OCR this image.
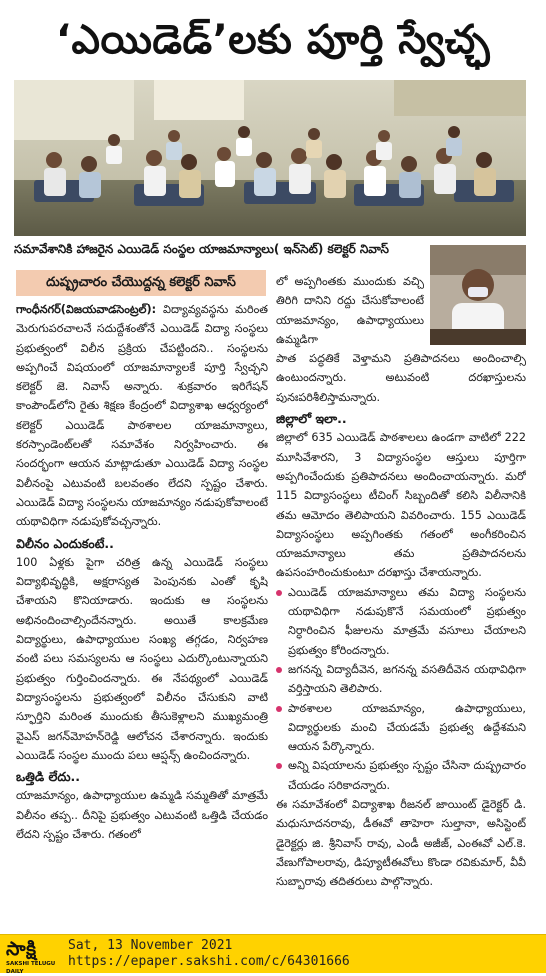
‘ఎయిడెడ్’లకు పూర్తి స్వేచ్ఛ
సమావేశానికి హాజరైన ఎయిడెడ్ సంస్థల యాజమాన్యాలు( ఇన్‌సెట్) కలెక్టర్ నివాస్
దుష్ప్రచారం చేయొద్దన్న కలెక్టర్ నివాస్

గాంధీనగర్(విజయవాడసెంట్రల్): విద్యావ్యవస్థను మరింత మెరుగుపరచాలనే సదుద్దేశంతోనే ఎయిడెడ్ విద్యా సంస్థలు ప్రభుత్వంలో విలీన ప్రక్రియ చేపట్టిందని.. సంస్థలను అప్పగించే విషయంలో యాజమాన్యాలకే పూర్తి స్వేచ్ఛని కలెక్టర్ జె. నివాస్ అన్నారు. శుక్రవారం ఇరిగేషన్ కాంపౌండ్‌లోని రైతు శిక్షణ కేంద్రంలో విద్యాశాఖ ఆధ్వర్యంలో కలెక్టర్ ఎయిడెడ్ పాఠశాలల యాజమాన్యాలు, కరస్పాండెంట్‌లతో సమావేశం నిర్వహించారు. ఈ సందర్భంగా ఆయన మాట్లాడుతూ ఎయిడెడ్ విద్యా సంస్థల విలీనంపై ఎటువంటి బలవంతం లేదని స్పష్టం చేశారు. ఎయిడెడ్ విద్యా సంస్థలను యాజమాన్యం నడుపుకోవాలంటే యథావిధిగా నడుపుకోవచ్చన్నారు.

విలీనం ఎందుకంటే..

100 ఏళ్లకు పైగా చరిత్ర ఉన్న ఎయిడెడ్ సంస్థలు విద్యాభివృద్ధికి, అక్షరాస్యత పెంపునకు ఎంతో కృషి చేశాయని కొనియాడారు. ఇందుకు ఆ సంస్థలను అభినందించాల్సిందేనన్నారు. అయితే కాలక్రమేణ విద్యార్థులు, ఉపాధ్యాయుల సంఖ్య తగ్గడం, నిర్వహణ వంటి పలు సమస్యలను ఆ సంస్థలు ఎదుర్కొంటున్నాయని ప్రభుత్వం గుర్తించిందన్నారు. ఈ నేపథ్యంలో ఎయిడెడ్ విద్యాసంస్థలను ప్రభుత్వంలో విలీనం చేసుకుని వాటి స్ఫూర్తిని మరింత ముందుకు తీసుకెళ్లాలని ముఖ్యమంత్రి వైఎస్ జగన్‌మోహన్‌రెడ్డి ఆలోచన చేశారన్నారు. ఇందుకు ఎయిడెడ్ సంస్థల ముందు పలు ఆప్షన్స్ ఉంచిందన్నారు.

ఒత్తిడి లేదు..

యాజమాన్యం, ఉపాధ్యాయుల ఉమ్మడి సమ్మతితో మాత్రమే విలీనం తప్ప.. దీనిపై ప్రభుత్వం ఎటువంటి ఒత్తిడి చేయడం లేదని స్పష్టం చేశారు. గతంలో

లో అప్పగింతకు ముందుకు వచ్చి తిరిగి దానిని రద్దు చేసుకోవాలంటే యాజమాన్యం, ఉపాధ్యాయులు ఉమ్మడిగా

పాత పద్ధతికే వెళ్తామని ప్రతిపాదనలు అందించాల్సి ఉంటుందన్నారు. అటువంటి దరఖాస్తులను పునఃపరిశీలిస్తామన్నారు.

జిల్లాలో ఇలా..

జిల్లాలో 635 ఎయిడెడ్ పాఠశాలలు ఉండగా వాటిలో 222 మూసివేశారని, 3 విద్యాసంస్థల ఆస్తులు పూర్తిగా అప్పగించేందుకు ప్రతిపాదనలు అందించాయన్నారు. మరో 115 విద్యాసంస్థలు టీచింగ్ సిబ్బందితో కలిసి విలీనానికి తమ ఆమోదం తెలిపాయని వివరించారు. 155 ఎయిడెడ్ విద్యాసంస్థలు అప్పగింతకు గతంలో అంగీకరించిన యాజమాన్యాలు తమ ప్రతిపాదనలను ఉపసంహరించుకుంటూ దరఖాస్తు చేశాయన్నారు.

ఎయిడెడ్ యాజమాన్యాలు తమ విద్యా సంస్థలను యథావిధిగా నడుపుకొనే సమయంలో ప్రభుత్వం నిర్ధారించిన ఫీజులను మాత్రమే వసూలు చేయాలని ప్రభుత్వం కోరిందన్నారు.
జగనన్న విద్యాదీవెన, జగనన్న వసతిదీవెన యథావిధిగా వర్తిస్తాయని తెలిపారు.
పాఠశాలల యాజమాన్యం, ఉపాధ్యాయులు, విద్యార్థులకు మంచి చేయడమే ప్రభుత్వ ఉద్దేశమని ఆయన పేర్కొన్నారు.
అన్ని విషయాలను ప్రభుత్వం స్పష్టం చేసినా దుష్ప్రచారం చేయడం సరికాదన్నారు.

ఈ సమావేశంలో విద్యాశాఖ రీజనల్ జాయింట్ డైరెక్టర్ డి. మధుసూదనరావు, డీఈవో తాహెరా సుల్తానా, అసిస్టెంట్ డైరెక్టర్లు జి. శ్రీనివాస్ రావు, ఎండీ అజీజ్, ఎంఈవో ఎల్‌.కె. వేణుగోపాలరావు, డిప్యూటీఈవోలు కొండా రవికుమార్, వీవీ సుబ్బారావు తదితరులు పాల్గొన్నారు.

సాక్షి
SAKSHI TELUGU DAILY
Sat, 13 November 2021
https://epaper.sakshi.com/c/64301666
